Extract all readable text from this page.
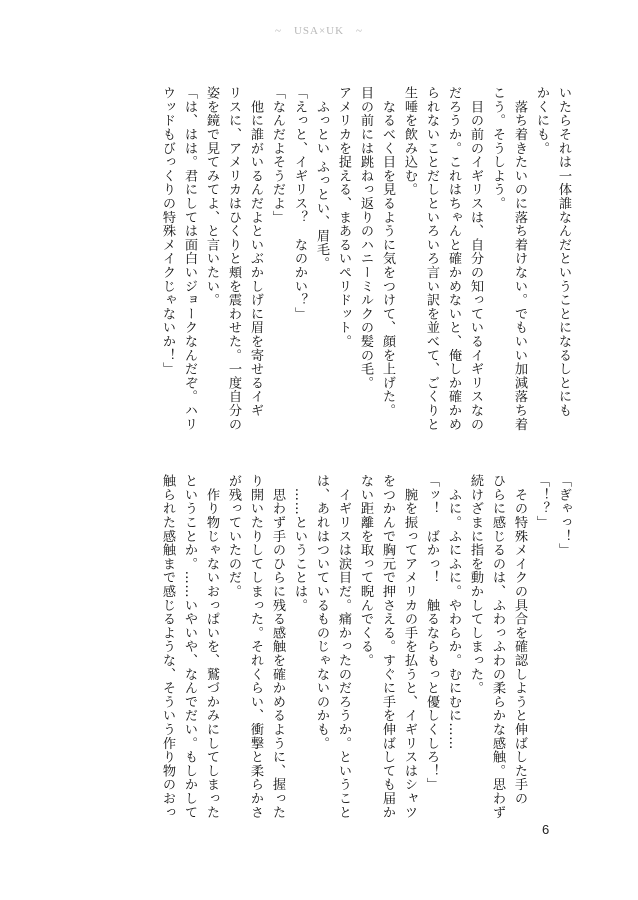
~　USA×UK　~
いたらそれは一体誰なんだということになるしとにも
かくにも。
　落ち着きたいのに落ち着けない。でもいい加減落ち着
こう。そうしよう。
　目の前のイギリスは、自分の知っているイギリスなの
だろうか。これはちゃんと確かめないと、俺しか確かめ
られないことだしといろいろ言い訳を並べて、ごくりと
生唾を飲み込む。
　なるべく目を見るように気をつけて、顔を上げた。
目の前には跳ねっ返りのハニーミルクの髪の毛。
アメリカを捉える、まあるいペリドット。
　ふっとい ふっとい、眉毛。
「えっと、イギリス？　なのかい？」
「なんだよそうだよ」
　他に誰がいるんだよといぶかしげに眉を寄せるイギ
リスに、アメリカはひくりと頬を震わせた。一度自分の
姿を鏡で見てみてよ、と言いたい。
「は、はは。君にしては面白いジョークなんだぞ。ハリ
ウッドもびっくりの特殊メイクじゃないか！」
「ぎゃっ！」
「！？」
　その特殊メイクの具合を確認しようと伸ばした手の
ひらに感じるのは、ふわっふわの柔らかな感触。思わず
続けざまに指を動かしてしまった。
　ふに。ふにふに。やわらか。むにむに……
「ッ！　ばかっ！　触るならもっと優しくしろ！」
　腕を振ってアメリカの手を払うと、イギリスはシャツ
をつかんで胸元で押さえる。すぐに手を伸ばしても届か
ない距離を取って睨んでくる。
　イギリスは涙目だ。痛かったのだろうか。ということ
は、あれはついているものじゃないのかも。
　……ということは。
　思わず手のひらに残る感触を確かめるように、握った
り開いたりしてしまった。それくらい、衝撃と柔らかさ
が残っていたのだ。
　作り物じゃないおっぱいを、鷲づかみにしてしまった
ということか。……いやいや、なんでだい。もしかして
触られた感触まで感じるような、そういう作り物のおっ
6
